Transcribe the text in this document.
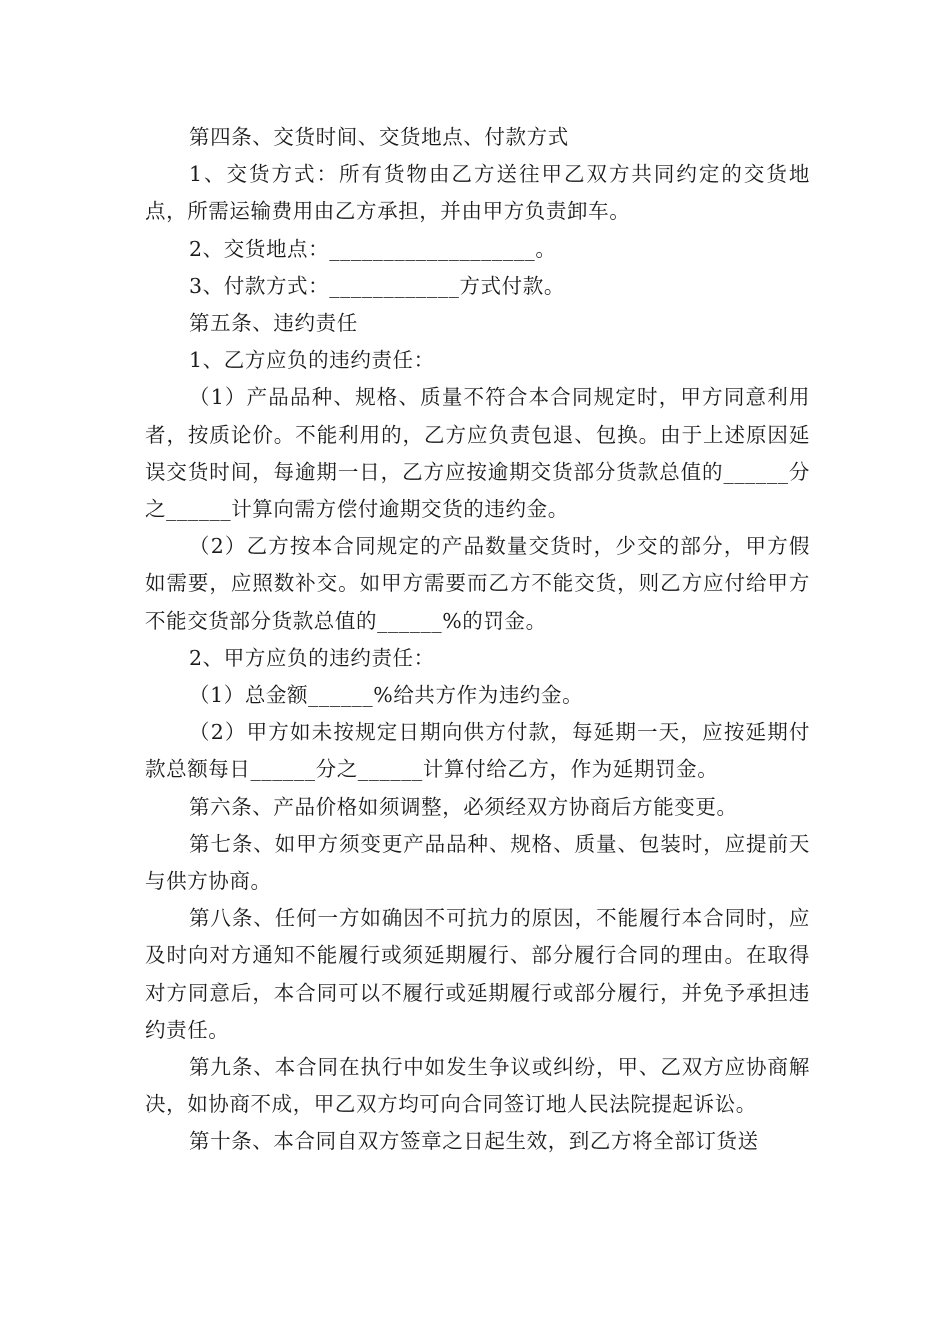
第四条、交货时间、交货地点、付款方式

1、交货方式：所有货物由乙方送往甲乙双方共同约定的交货地点，所需运输费用由乙方承担，并由甲方负责卸车。

2、交货地点：___________________。

3、付款方式：____________方式付款。

第五条、违约责任

1、乙方应负的违约责任：

（1）产品品种、规格、质量不符合本合同规定时，甲方同意利用者，按质论价。不能利用的，乙方应负责包退、包换。由于上述原因延误交货时间，每逾期一日，乙方应按逾期交货部分货款总值的______分之______计算向需方偿付逾期交货的违约金。

（2）乙方按本合同规定的产品数量交货时，少交的部分，甲方假如需要，应照数补交。如甲方需要而乙方不能交货，则乙方应付给甲方不能交货部分货款总值的______%的罚金。

2、甲方应负的违约责任：

（1）总金额______%给共方作为违约金。

（2）甲方如未按规定日期向供方付款，每延期一天，应按延期付款总额每日______分之______计算付给乙方，作为延期罚金。

第六条、产品价格如须调整，必须经双方协商后方能变更。

第七条、如甲方须变更产品品种、规格、质量、包装时，应提前天与供方协商。

第八条、任何一方如确因不可抗力的原因，不能履行本合同时，应及时向对方通知不能履行或须延期履行、部分履行合同的理由。在取得对方同意后，本合同可以不履行或延期履行或部分履行，并免予承担违约责任。

第九条、本合同在执行中如发生争议或纠纷，甲、乙双方应协商解决，如协商不成，甲乙双方均可向合同签订地人民法院提起诉讼。

第十条、本合同自双方签章之日起生效，到乙方将全部订货送
